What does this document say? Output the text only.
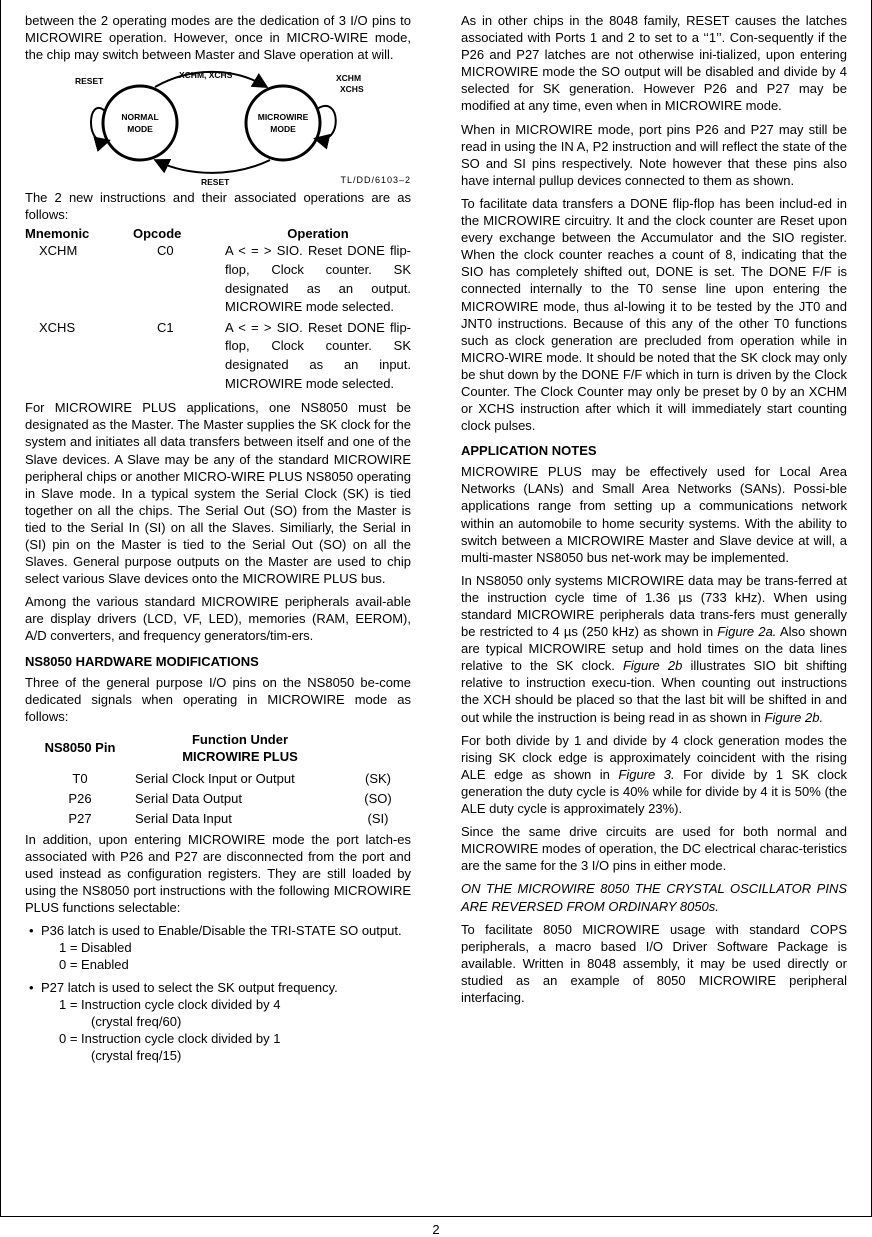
between the 2 operating modes are the dedication of 3 I/O pins to MICROWIRE operation. However, once in MICRO-WIRE mode, the chip may switch between Master and Slave operation at will.

RESET
XCHM, XCHS
NORMAL
MODE
MICROWIRE
MODE
RESET
XCHM
XCHS
TL/DD/6103–2

The 2 new instructions and their associated operations are as follows:

Mnemonic	Opcode	Operation
XCHM	C0	A < = > SIO. Reset DONE flip-flop, Clock counter. SK designated as an output. MICROWIRE mode selected.
XCHS	C1	A < = > SIO. Reset DONE flip-flop, Clock counter. SK designated as an input. MICROWIRE mode selected.

For MICROWIRE PLUS applications, one NS8050 must be designated as the Master. The Master supplies the SK clock for the system and initiates all data transfers between itself and one of the Slave devices. A Slave may be any of the standard MICROWIRE peripheral chips or another MICRO-WIRE PLUS NS8050 operating in Slave mode. In a typical system the Serial Clock (SK) is tied together on all the chips. The Serial Out (SO) from the Master is tied to the Serial In (SI) on all the Slaves. Similiarly, the Serial in (SI) pin on the Master is tied to the Serial Out (SO) on all the Slaves. General purpose outputs on the Master are used to chip select various Slave devices onto the MICROWIRE PLUS bus.

Among the various standard MICROWIRE peripherals avail-able are display drivers (LCD, VF, LED), memories (RAM, EEROM), A/D converters, and frequency generators/tim-ers.

NS8050 HARDWARE MODIFICATIONS

Three of the general purpose I/O pins on the NS8050 be-come dedicated signals when operating in MICROWIRE mode as follows:

NS8050 Pin
Function Under
MICROWIRE PLUS
T0	Serial Clock Input or Output	(SK)
P26	Serial Data Output	(SO)
P27	Serial Data Input	(SI)

In addition, upon entering MICROWIRE mode the port latch-es associated with P26 and P27 are disconnected from the port and used instead as configuration registers. They are still loaded by using the NS8050 port instructions with the following MICROWIRE PLUS functions selectable:

• P36 latch is used to Enable/Disable the TRI-STATE SO output.
1 = Disabled
0 = Enabled
• P27 latch is used to select the SK output frequency.
1 = Instruction cycle clock divided by 4
(crystal freq/60)
0 = Instruction cycle clock divided by 1
(crystal freq/15)

As in other chips in the 8048 family, RESET causes the latches associated with Ports 1 and 2 to set to a ‘‘1’’. Con-sequently if the P26 and P27 latches are not otherwise ini-tialized, upon entering MICROWIRE mode the SO output will be disabled and divide by 4 selected for SK generation. However P26 and P27 may be modified at any time, even when in MICROWIRE mode.

When in MICROWIRE mode, port pins P26 and P27 may still be read in using the IN A, P2 instruction and will reflect the state of the SO and SI pins respectively. Note however that these pins also have internal pullup devices connected to them as shown.

To facilitate data transfers a DONE flip-flop has been includ-ed in the MICROWIRE circuitry. It and the clock counter are Reset upon every exchange between the Accumulator and the SIO register. When the clock counter reaches a count of 8, indicating that the SIO has completely shifted out, DONE is set. The DONE F/F is connected internally to the T0 sense line upon entering the MICROWIRE mode, thus al-lowing it to be tested by the JT0 and JNT0 instructions. Because of this any of the other T0 functions such as clock generation are precluded from operation while in MICRO-WIRE mode. It should be noted that the SK clock may only be shut down by the DONE F/F which in turn is driven by the Clock Counter. The Clock Counter may only be preset by 0 by an XCHM or XCHS instruction after which it will immediately start counting clock pulses.

APPLICATION NOTES

MICROWIRE PLUS may be effectively used for Local Area Networks (LANs) and Small Area Networks (SANs). Possi-ble applications range from setting up a communications network within an automobile to home security systems. With the ability to switch between a MICROWIRE Master and Slave device at will, a multi-master NS8050 bus net-work may be implemented.

In NS8050 only systems MICROWIRE data may be trans-ferred at the instruction cycle time of 1.36 µs (733 kHz). When using standard MICROWIRE peripherals data trans-fers must generally be restricted to 4 µs (250 kHz) as shown in Figure 2a. Also shown are typical MICROWIRE setup and hold times on the data lines relative to the SK clock. Figure 2b illustrates SIO bit shifting relative to instruction execu-tion. When counting out instructions the XCH should be placed so that the last bit will be shifted in and out while the instruction is being read in as shown in Figure 2b.

For both divide by 1 and divide by 4 clock generation modes the rising SK clock edge is approximately coincident with the rising ALE edge as shown in Figure 3. For divide by 1 SK clock generation the duty cycle is 40% while for divide by 4 it is 50% (the ALE duty cycle is approximately 23%).

Since the same drive circuits are used for both normal and MICROWIRE modes of operation, the DC electrical charac-teristics are the same for the 3 I/O pins in either mode.

ON THE MICROWIRE 8050 THE CRYSTAL OSCILLATOR PINS ARE REVERSED FROM ORDINARY 8050s.

To facilitate 8050 MICROWIRE usage with standard COPS peripherals, a macro based I/O Driver Software Package is available. Written in 8048 assembly, it may be used directly or studied as an example of 8050 MICROWIRE peripheral interfacing.

2
